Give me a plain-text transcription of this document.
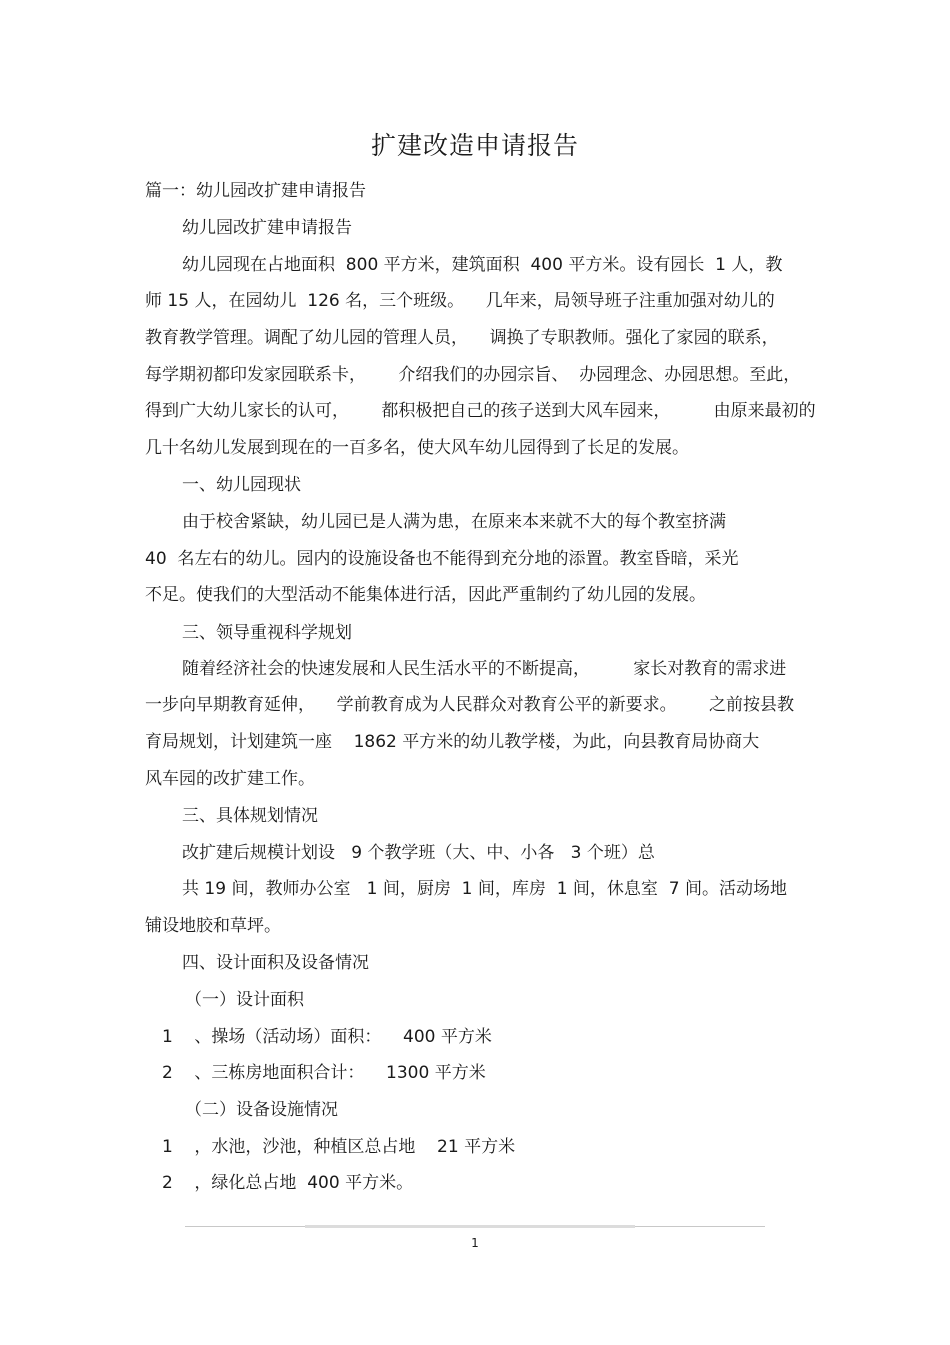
扩建改造申请报告
篇一：幼儿园改扩建申请报告
幼儿园改扩建申请报告
幼儿园现在占地面积  800 平方米，建筑面积  400 平方米。设有园长  1 人，教
师 15 人，在园幼儿  126 名，三个班级。    几年来，局领导班子注重加强对幼儿的
教育教学管理。调配了幼儿园的管理人员，    调换了专职教师。强化了家园的联系，
每学期初都印发家园联系卡，      介绍我们的办园宗旨、  办园理念、办园思想。至此，
得到广大幼儿家长的认可，      都积极把自己的孩子送到大风车园来，        由原来最初的
几十名幼儿发展到现在的一百多名，使大风车幼儿园得到了长足的发展。
一、幼儿园现状
由于校舍紧缺，幼儿园已是人满为患，在原来本来就不大的每个教室挤满
40  名左右的幼儿。园内的设施设备也不能得到充分地的添置。教室昏暗，采光
不足。使我们的大型活动不能集体进行活，因此严重制约了幼儿园的发展。
三、领导重视科学规划
随着经济社会的快速发展和人民生活水平的不断提高，        家长对教育的需求进
一步向早期教育延伸，    学前教育成为人民群众对教育公平的新要求。      之前按县教
育局规划，计划建筑一座    1862 平方米的幼儿教学楼，为此，向县教育局协商大
风车园的改扩建工作。
三、具体规划情况
改扩建后规模计划设   9 个教学班（大、中、小各   3 个班）总
共 19 间，教师办公室   1 间，厨房  1 间，库房  1 间，休息室  7 间。活动场地
铺设地胶和草坪。
四、设计面积及设备情况
（一）设计面积
1    、操场（活动场）面积：    400 平方米
2    、三栋房地面积合计：    1300 平方米
（二）设备设施情况
1    ，水池，沙池，种植区总占地    21 平方米
2    ，绿化总占地  400 平方米。
1
